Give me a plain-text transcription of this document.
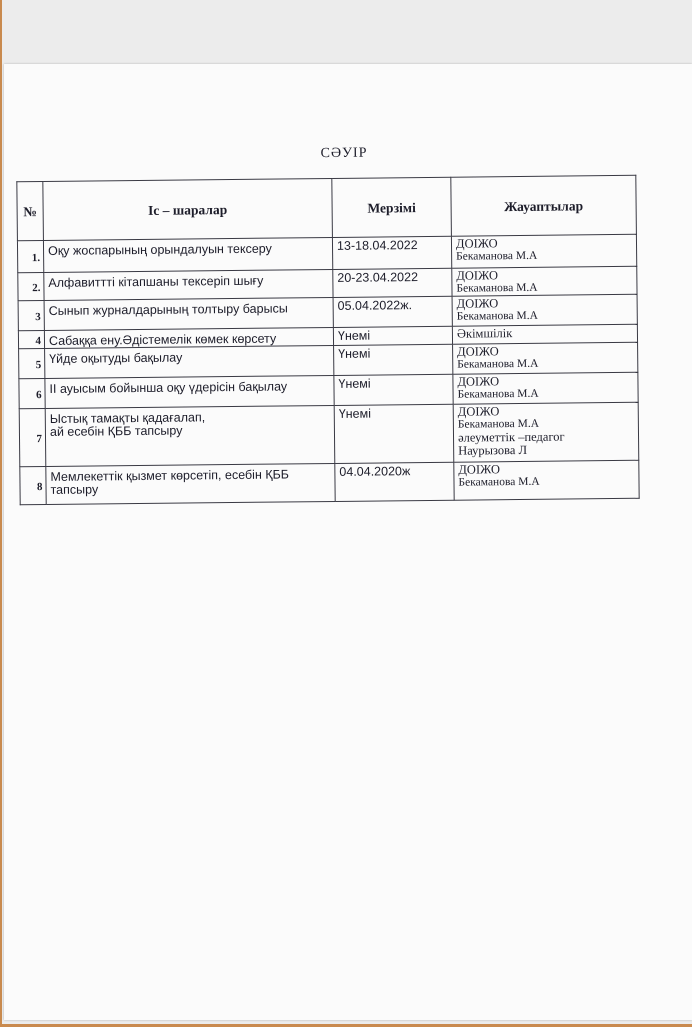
СӘУІР
№	Іс – шаралар	Мерзімі	Жауаптылар
1.	Оқу жоспарының орындалуын тексеру	13-18.04.2022	ДОІЖО
Бекаманова М.А

2.	Алфавиттті кітапшаны тексеріп шығу	20-23.04.2022	ДОІЖО
Бекаманова М.А

3	Сынып журналдарының толтыру барысы	05.04.2022ж.	ДОІЖО
Бекаманова М.А

4	Сабаққа ену.Әдістемелік көмек көрсету	Үнемі	Әкімшілік

5	Үйде оқытуды бақылау	Үнемі	ДОІЖО
Бекаманова М.А

6	ІІ ауысым бойынша оқу үдерісін бақылау	Үнемі	ДОІЖО
Бекаманова М.А

7	Ыстық тамақты қадағалап,
ай есебін ҚББ тапсыру	Үнемі	ДОІЖО
Бекаманова М.А
әлеуметтік –педагог
Наурызова Л

8	Мемлекеттік қызмет көрсетіп, есебін ҚББ тапсыру	04.04.2020ж	ДОІЖО
Бекаманова М.А
